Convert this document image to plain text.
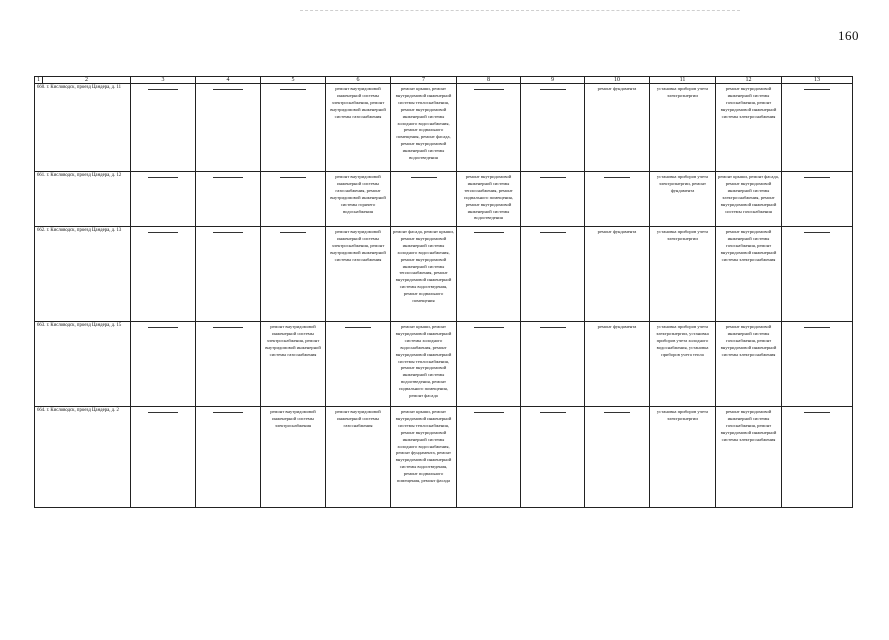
160
1	2	3	4	5	6	7	8	9	10	11	12	13
660. г. Кисловодск, проезд Цандера, д. 11					ремонт внутридомовой инженерной системы электроснабжения, ремонт внутридомовой инженерной системы газоснабжения	ремонт крыши, ремонт внутридомовой инженерной системы теплоснабжения, ремонт внутридомовой инженерной системы холодного водоснабжения, ремонт подвального помещения, ремонт фасада, ремонт внутридомовой инженерной системы водоотведения			ремонт фундамента	установка приборов учета электроэнергии	ремонт внутридомовой инженерной системы газоснабжения, ремонт внутридомовой инженерной системы электроснабжения	

661. г. Кисловодск, проезд Цандера, д. 12					ремонт внутридомовой инженерной системы газоснабжения, ремонт внутридомовой инженерной системы горячего водоснабжения		ремонт внутридомовой инженерной системы теплоснабжения, ремонт подвального помещения, ремонт внутридомовой инженерной системы водоотведения			установка приборов учета электроэнергии, ремонт фундамента	ремонт крыши, ремонт фасада, ремонт внутридомовой инженерной системы электроснабжения, ремонт внутридомовой инженерной системы газоснабжения	

662. г. Кисловодск, проезд Цандера, д. 13					ремонт внутридомовой инженерной системы электроснабжения, ремонт внутридомовой инженерной системы газоснабжения	ремонт фасада, ремонт крыши, ремонт внутридомовой инженерной системы холодного водоснабжения, ремонт внутридомовой инженерной системы теплоснабжения, ремонт внутридомовой инженерной системы водоотведения, ремонт подвального помещения			ремонт фундамента	установка приборов учета электроэнергии	ремонт внутридомовой инженерной системы газоснабжения, ремонт внутридомовой инженерной системы электроснабжения	

663. г. Кисловодск, проезд Цандера, д. 15				ремонт внутридомовой инженерной системы электроснабжения, ремонт внутридомовой инженерной системы газоснабжения		ремонт крыши, ремонт внутридомовой инженерной системы холодного водоснабжения, ремонт внутридомовой инженерной системы теплоснабжения, ремонт внутридомовой инженерной системы водоотведения, ремонт подвального помещения, ремонт фасада			ремонт фундамента	установка приборов учета электроэнергии, установка приборов учета холодного водоснабжения, установка приборов учета тепла	ремонт внутридомовой инженерной системы газоснабжения, ремонт внутридомовой инженерной системы электроснабжения	

664. г. Кисловодск, проезд Цандера, д. 2				ремонт внутридомовой инженерной системы электроснабжения	ремонт внутридомовой инженерной системы газоснабжения	ремонт крыши, ремонт внутридомовой инженерной системы теплоснабжения, ремонт внутридомовой инженерной системы холодного водоснабжения, ремонт фундамента, ремонт внутридомовой инженерной системы водоотведения, ремонт подвального помещения, ремонт фасада				установка приборов учета электроэнергии	ремонт внутридомовой инженерной системы газоснабжения, ремонт внутридомовой инженерной системы электроснабжения	
